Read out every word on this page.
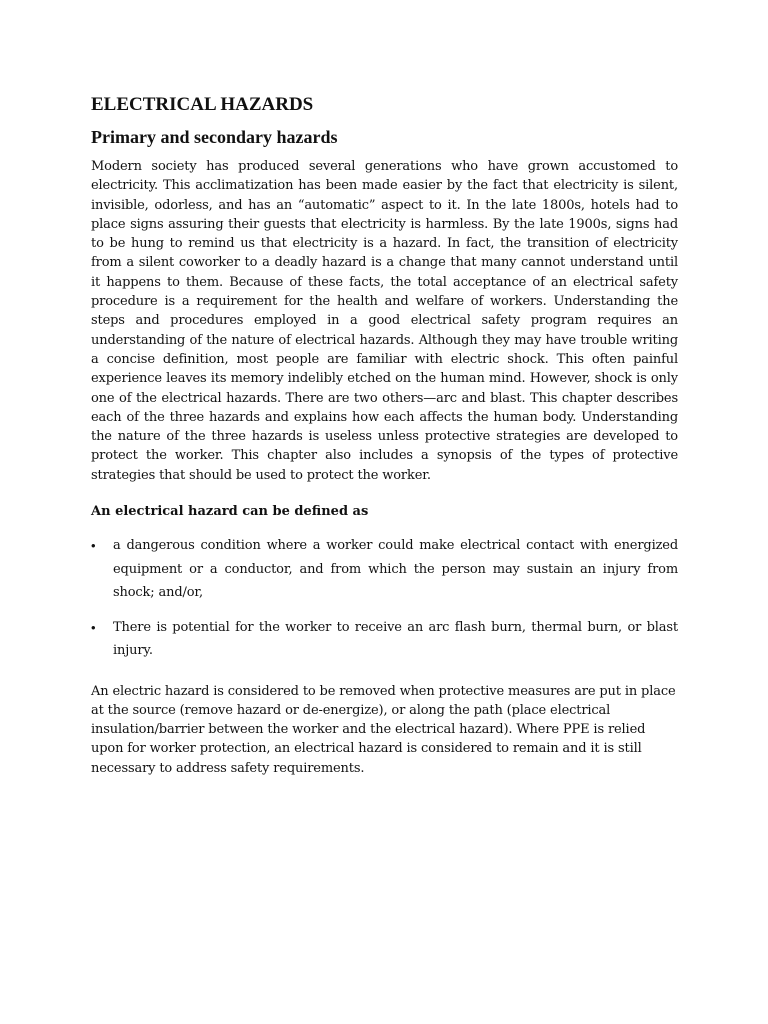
ELECTRICAL HAZARDS
Primary and secondary hazards

Modern society has produced several generations who have grown accustomed to electricity. This acclimatization has been made easier by the fact that electricity is silent, invisible, odorless, and has an “automatic” aspect to it. In the late 1800s, hotels had to place signs assuring their guests that electricity is harmless. By the late 1900s, signs had to be hung to remind us that electricity is a hazard. In fact, the transition of electricity from a silent coworker to a deadly hazard is a change that many cannot understand until it happens to them. Because of these facts, the total acceptance of an electrical safety procedure is a requirement for the health and welfare of workers. Understanding the steps and procedures employed in a good electrical safety program requires an understanding of the nature of electrical hazards. Although they may have trouble writing a concise definition, most people are familiar with electric shock. This often painful experience leaves its memory indelibly etched on the human mind. However, shock is only one of the electrical hazards. There are two others—arc and blast. This chapter describes each of the three hazards and explains how each affects the human body. Understanding the nature of the three hazards is useless unless protective strategies are developed to protect the worker. This chapter also includes a synopsis of the types of protective strategies that should be used to protect the worker.

An electrical hazard can be defined as
• a dangerous condition where a worker could make electrical contact with energized equipment or a conductor, and from which the person may sustain an injury from shock; and/or,
• There is potential for the worker to receive an arc flash burn, thermal burn, or blast injury.

An electric hazard is considered to be removed when protective measures are put in place at the source (remove hazard or de-energize), or along the path (place electrical insulation/barrier between the worker and the electrical hazard). Where PPE is relied upon for worker protection, an electrical hazard is considered to remain and it is still necessary to address safety requirements.
